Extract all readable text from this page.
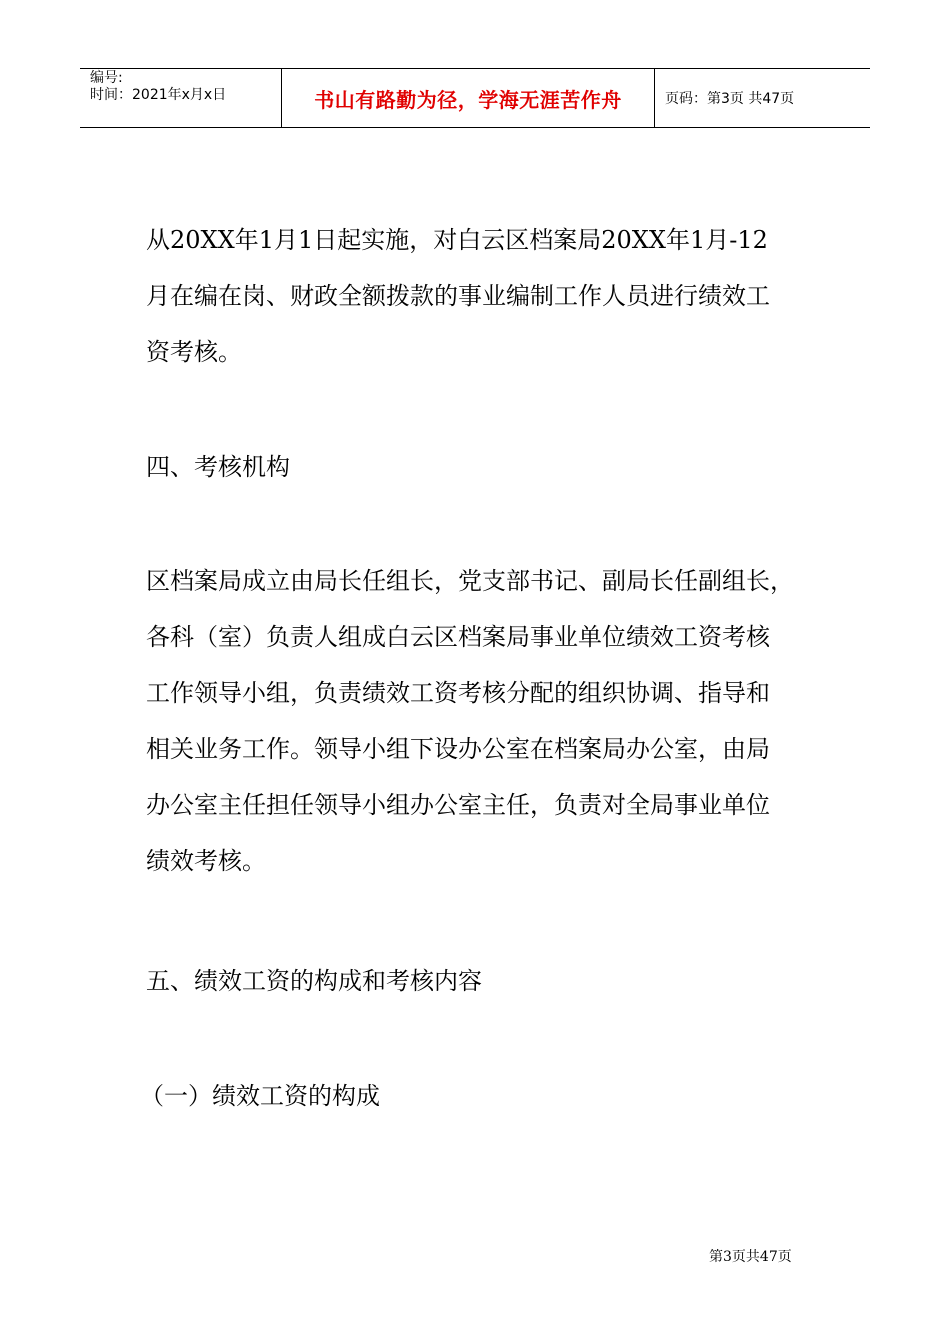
编号:
时间：2021年x月x日	书山有路勤为径，学海无涯苦作舟	页码：第3页 共47页
从20XX年1月1日起实施，对白云区档案局20XX年1月-12
月在编在岗、财政全额拨款的事业编制工作人员进行绩效工
资考核。
四、考核机构
区档案局成立由局长任组长，党支部书记、副局长任副组长，
各科（室）负责人组成白云区档案局事业单位绩效工资考核
工作领导小组，负责绩效工资考核分配的组织协调、指导和
相关业务工作。领导小组下设办公室在档案局办公室，由局
办公室主任担任领导小组办公室主任，负责对全局事业单位
绩效考核。
五、绩效工资的构成和考核内容
（一）绩效工资的构成
第3页共47页
